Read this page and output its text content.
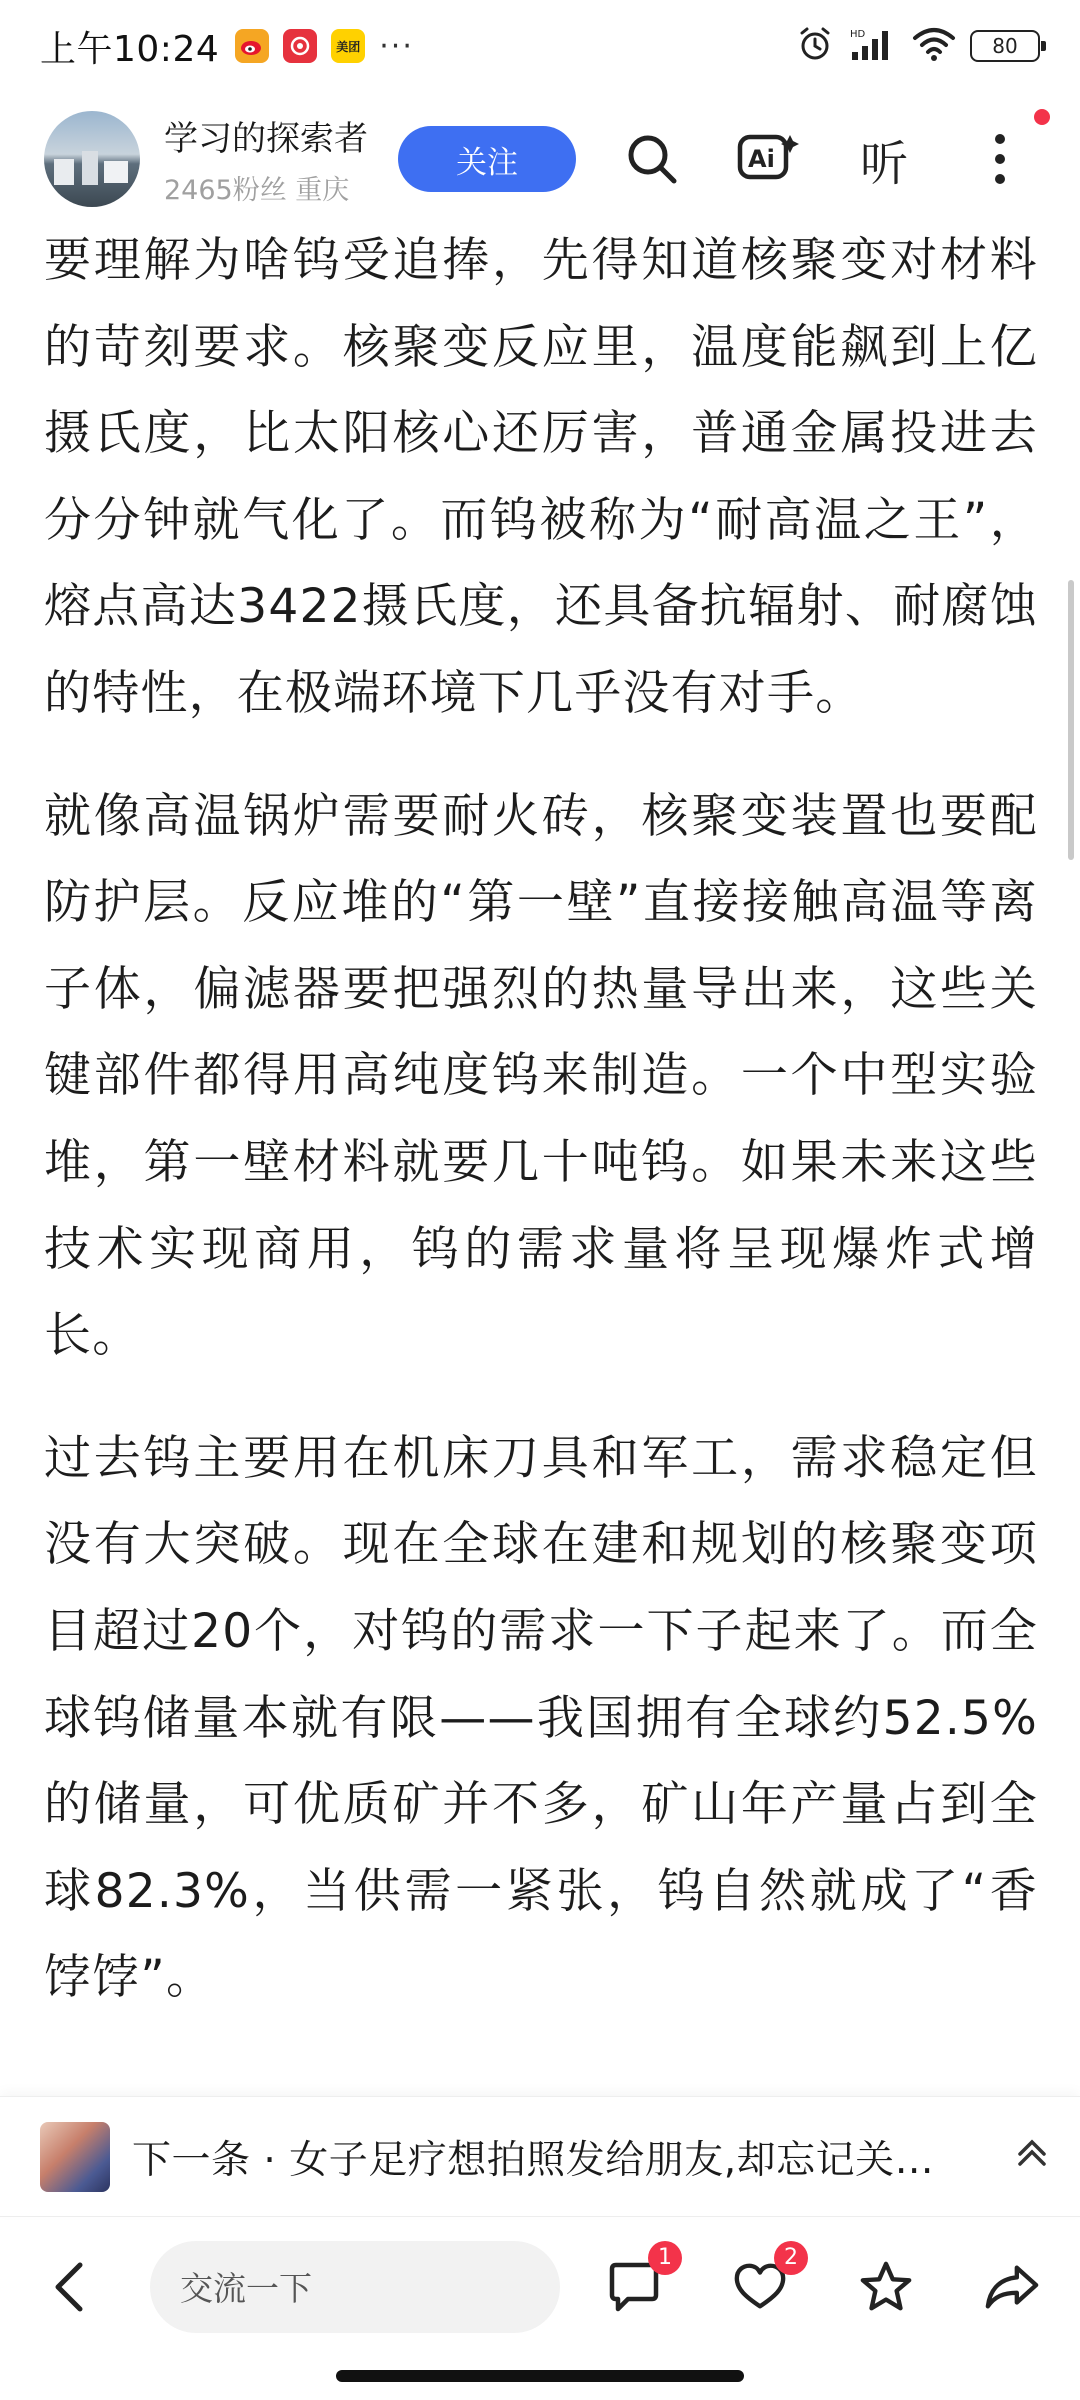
上午10:24	美团 ···	HD	80
学习的探索者
2465粉丝 重庆
关注	Ai 听

要理解为啥钨受追捧，先得知道核聚变对材料的苛刻要求。核聚变反应里，温度能飙到上亿摄氏度，比太阳核心还厉害，普通金属投进去分分钟就气化了。而钨被称为“耐高温之王”，熔点高达3422摄氏度，还具备抗辐射、耐腐蚀的特性，在极端环境下几乎没有对手。

就像高温锅炉需要耐火砖，核聚变装置也要配防护层。反应堆的“第一壁”直接接触高温等离子体，偏滤器要把强烈的热量导出来，这些关键部件都得用高纯度钨来制造。一个中型实验堆，第一壁材料就要几十吨钨。如果未来这些技术实现商用，钨的需求量将呈现爆炸式增长。

过去钨主要用在机床刀具和军工，需求稳定但没有大突破。现在全球在建和规划的核聚变项目超过20个，对钨的需求一下子起来了。而全球钨储量本就有限——我国拥有全球约52.5%的储量，可优质矿并不多，矿山年产量占到全球82.3%，当供需一紧张，钨自然就成了“香饽饽”。

下一条 · 女子足疗想拍照发给朋友,却忘记关…
交流一下
1	2
